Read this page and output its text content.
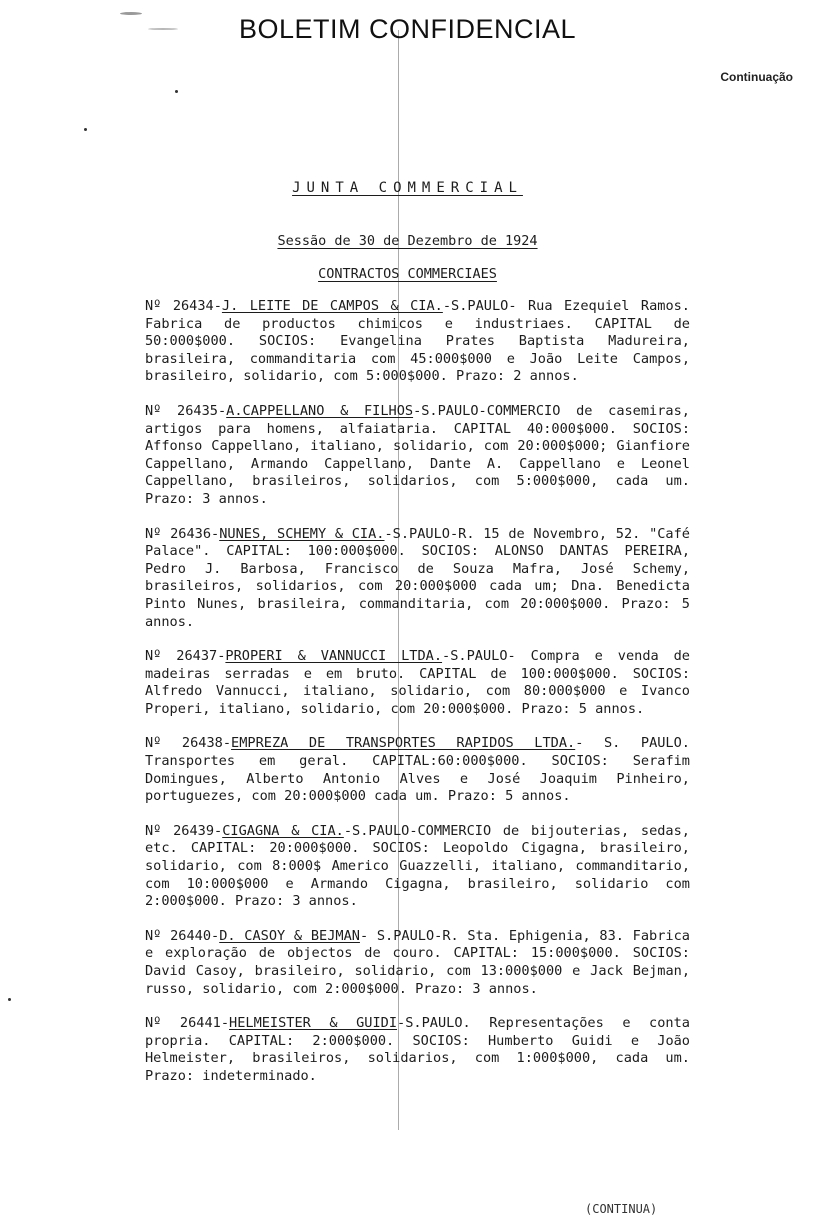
BOLETIM CONFIDENCIAL
Continuação
JUNTA COMMERCIAL
Sessão de 30 de Dezembro de 1924
CONTRACTOS COMMERCIAES

Nº 26434-J. LEITE DE CAMPOS & CIA.-S.PAULO- Rua Ezequiel Ramos. Fabrica de productos chimicos e industriaes. CAPITAL de 50:000$000. SOCIOS: Evangelina Prates Baptista Madureira, brasileira, commanditaria com 45:000$000 e João Leite Campos, brasileiro, solidario, com 5:000$000. Prazo: 2 annos.

Nº 26435-A.CAPPELLANO & FILHOS-S.PAULO-COMMERCIO de casemiras, artigos para homens, alfaiataria. CAPITAL 40:000$000. SOCIOS: Affonso Cappellano, italiano, solidario, com 20:000$000; Gianfiore Cappellano, Armando Cappellano, Dante A. Cappellano e Leonel Cappellano, brasileiros, solidarios, com 5:000$000, cada um. Prazo: 3 annos.

Nº 26436-NUNES, SCHEMY & CIA.-S.PAULO-R. 15 de Novembro, 52. "Café Palace". CAPITAL: 100:000$000. SOCIOS: ALONSO DANTAS PEREIRA, Pedro J. Barbosa, Francisco de Souza Mafra, José Schemy, brasileiros, solidarios, com 20:000$000 cada um; Dna. Benedicta Pinto Nunes, brasileira, commanditaria, com 20:000$000. Prazo: 5 annos.

Nº 26437-PROPERI & VANNUCCI LTDA.-S.PAULO- Compra e venda de madeiras serradas e em bruto. CAPITAL de 100:000$000. SOCIOS: Alfredo Vannucci, italiano, solidario, com 80:000$000 e Ivanco Properi, italiano, solidario, com 20:000$000. Prazo: 5 annos.

Nº 26438-EMPREZA DE TRANSPORTES RAPIDOS LTDA.- S. PAULO. Transportes em geral. CAPITAL:60:000$000. SOCIOS: Serafim Domingues, Alberto Antonio Alves e José Joaquim Pinheiro, portuguezes, com 20:000$000 cada um. Prazo: 5 annos.

Nº 26439-CIGAGNA & CIA.-S.PAULO-COMMERCIO de bijouterias, sedas, etc. CAPITAL: 20:000$000. SOCIOS: Leopoldo Cigagna, brasileiro, solidario, com 8:000$ Americo Guazzelli, italiano, commanditario, com 10:000$000 e Armando Cigagna, brasileiro, solidario com 2:000$000. Prazo: 3 annos.

Nº 26440-D. CASOY & BEJMAN- S.PAULO-R. Sta. Ephigenia, 83. Fabrica e exploração de objectos de couro. CAPITAL: 15:000$000. SOCIOS: David Casoy, brasileiro, solidario, com 13:000$000 e Jack Bejman, russo, solidario, com 2:000$000. Prazo: 3 annos.

Nº 26441-HELMEISTER & GUIDI-S.PAULO. Representações e conta propria. CAPITAL: 2:000$000. SOCIOS: Humberto Guidi e João Helmeister, brasileiros, solidarios, com 1:000$000, cada um. Prazo: indeterminado.

(CONTINUA)
